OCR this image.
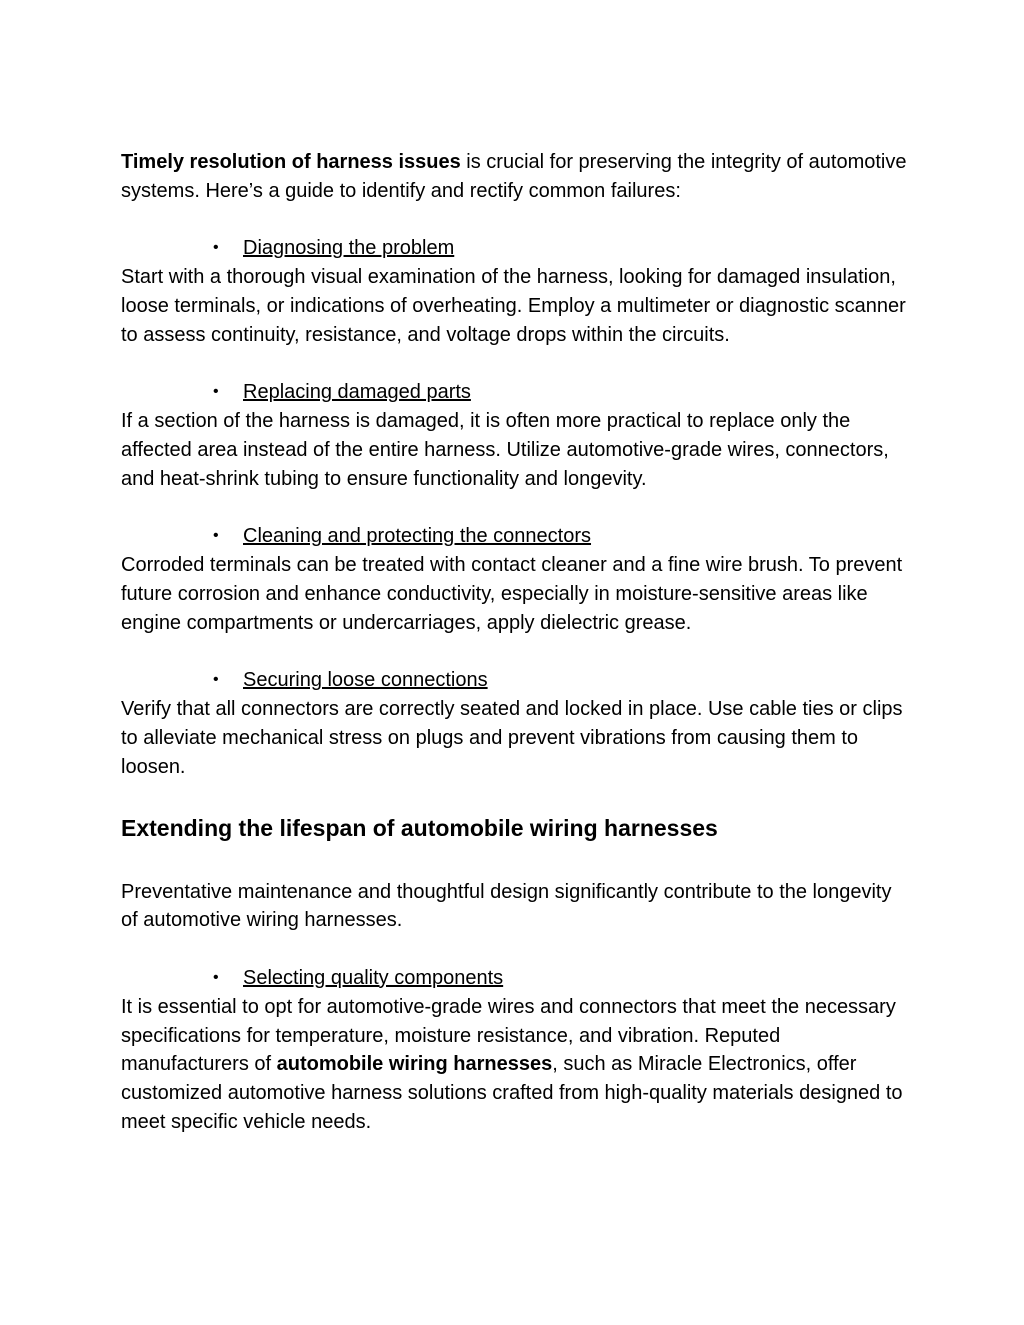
Timely resolution of harness issues is crucial for preserving the integrity of automotive systems. Here’s a guide to identify and rectify common failures:

• Diagnosing the problem

Start with a thorough visual examination of the harness, looking for damaged insulation, loose terminals, or indications of overheating. Employ a multimeter or diagnostic scanner to assess continuity, resistance, and voltage drops within the circuits.

• Replacing damaged parts

If a section of the harness is damaged, it is often more practical to replace only the affected area instead of the entire harness. Utilize automotive-grade wires, connectors, and heat-shrink tubing to ensure functionality and longevity.

• Cleaning and protecting the connectors

Corroded terminals can be treated with contact cleaner and a fine wire brush. To prevent future corrosion and enhance conductivity, especially in moisture-sensitive areas like engine compartments or undercarriages, apply dielectric grease.

• Securing loose connections

Verify that all connectors are correctly seated and locked in place. Use cable ties or clips to alleviate mechanical stress on plugs and prevent vibrations from causing them to loosen.

Extending the lifespan of automobile wiring harnesses

Preventative maintenance and thoughtful design significantly contribute to the longevity of automotive wiring harnesses.

• Selecting quality components

It is essential to opt for automotive-grade wires and connectors that meet the necessary specifications for temperature, moisture resistance, and vibration. Reputed manufacturers of automobile wiring harnesses, such as Miracle Electronics, offer customized automotive harness solutions crafted from high-quality materials designed to meet specific vehicle needs.
